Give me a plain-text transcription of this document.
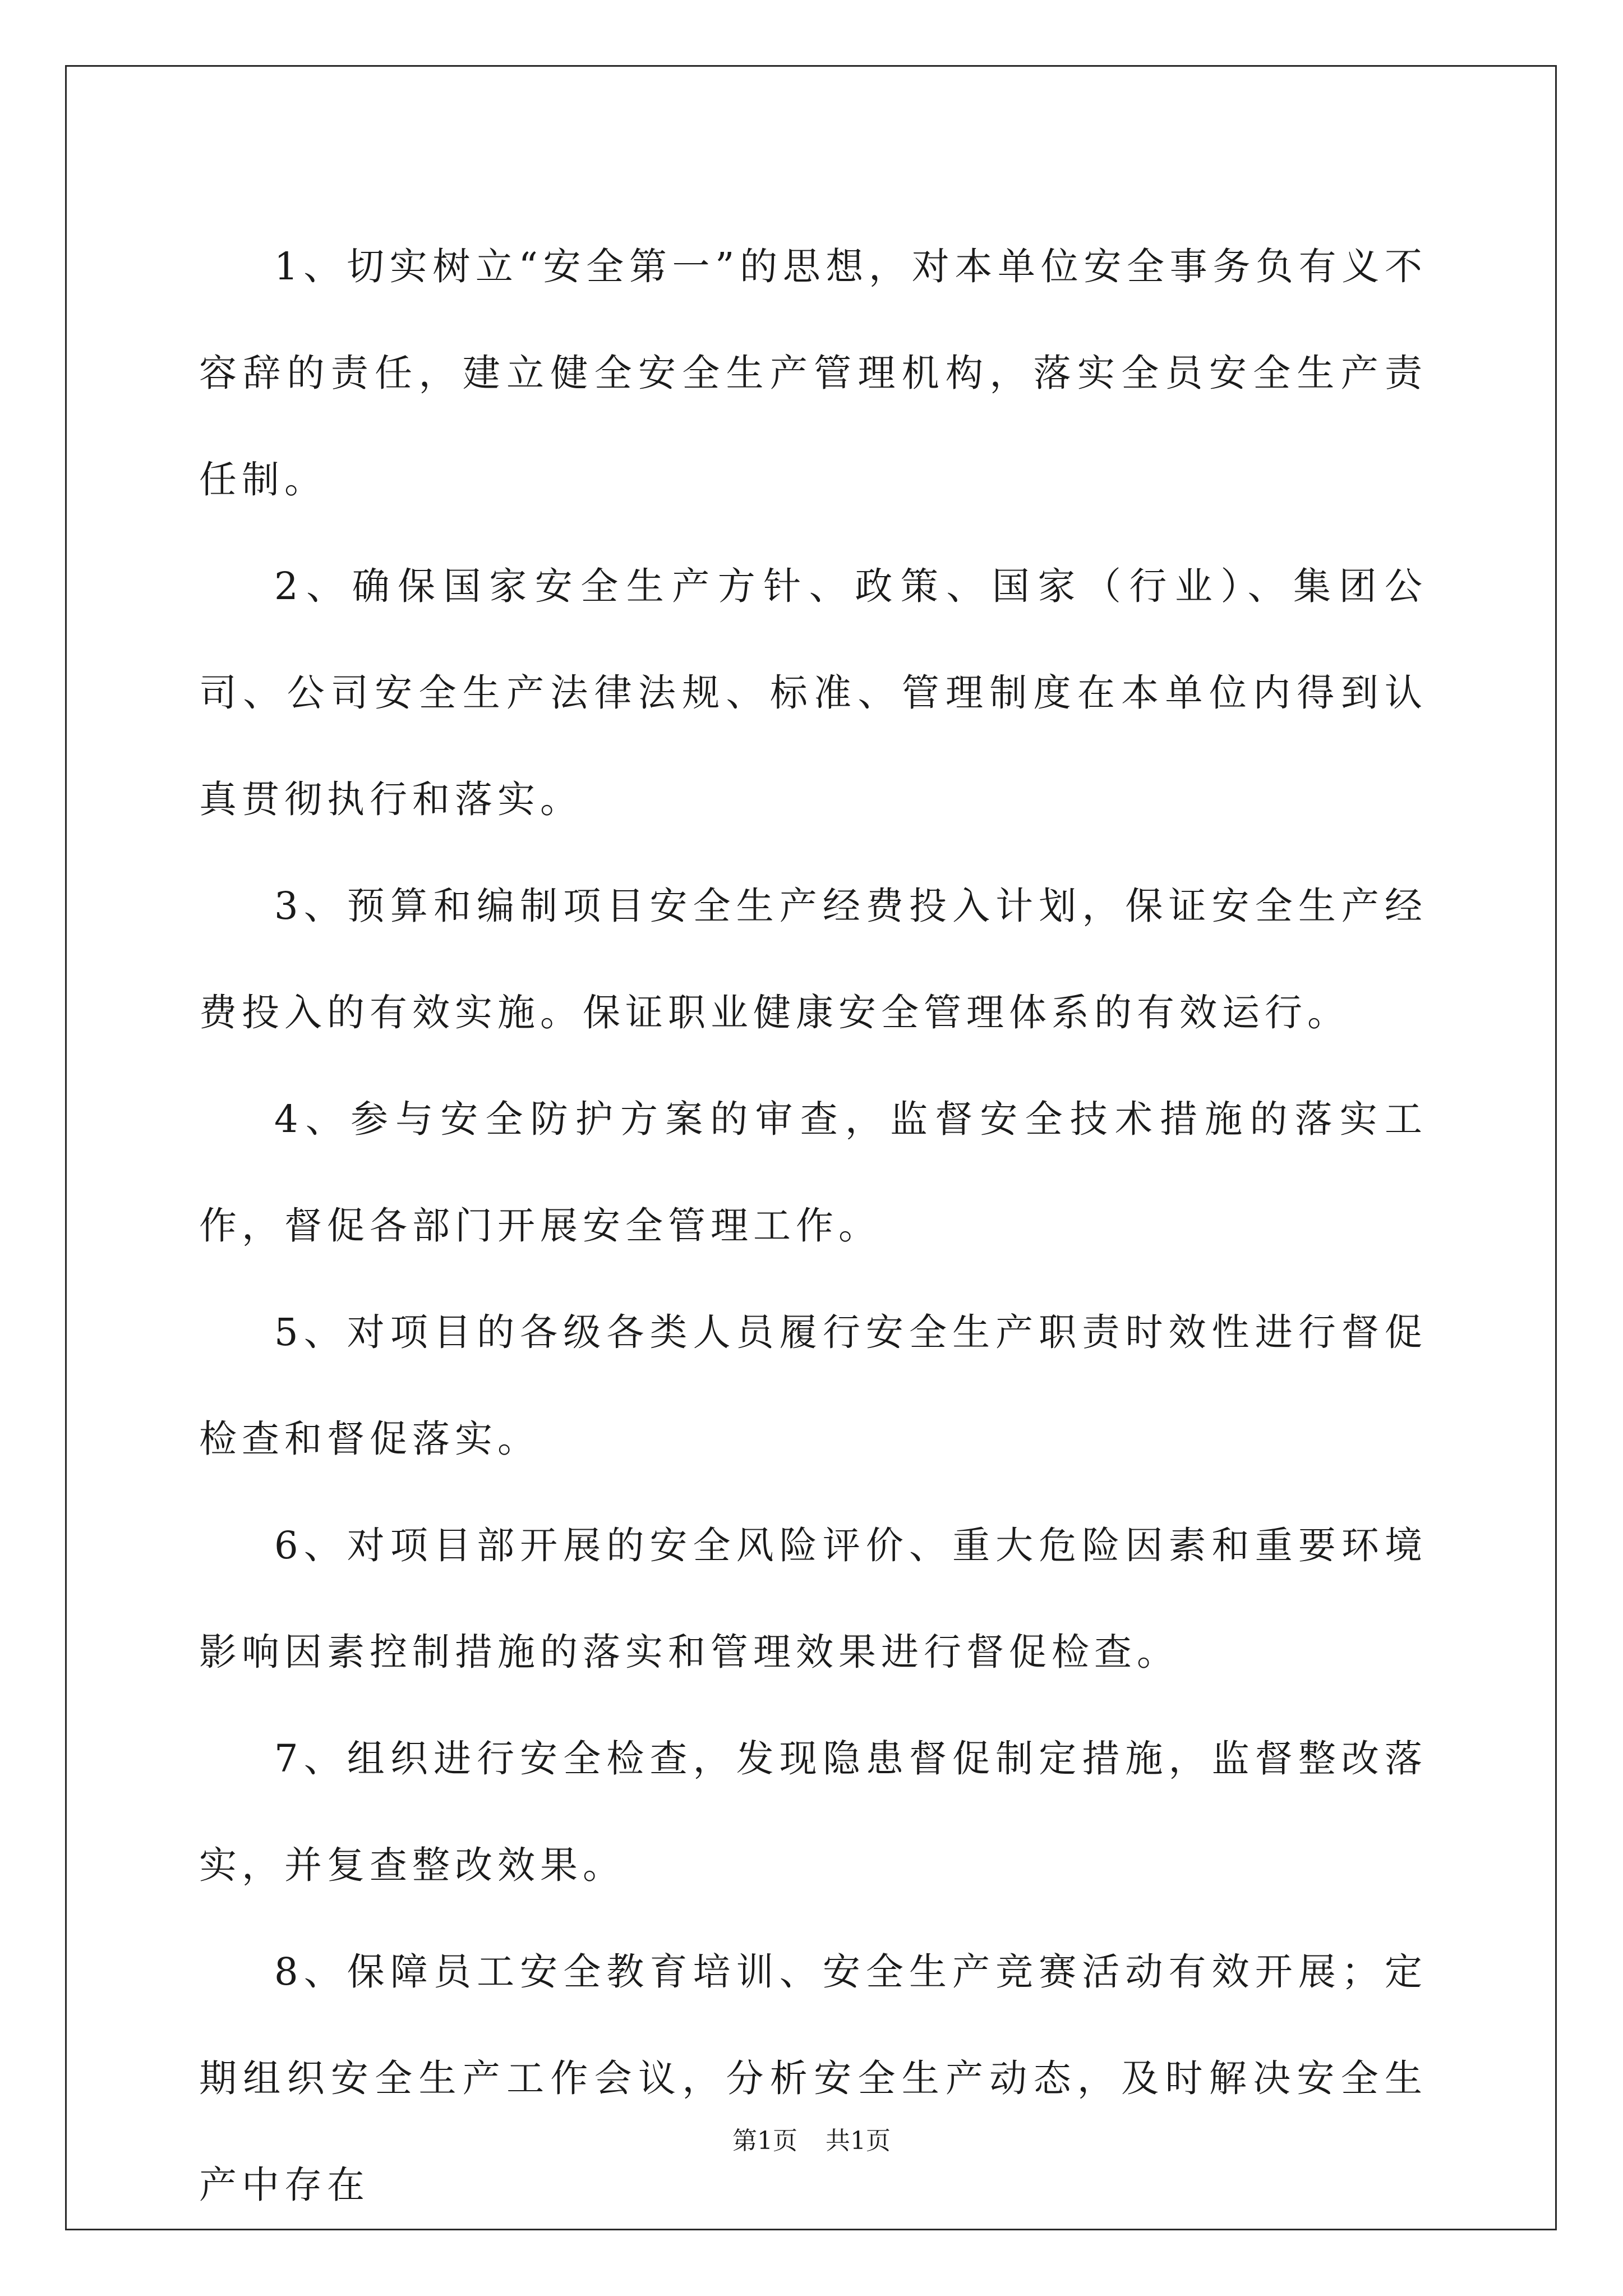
1、切实树立“安全第一”的思想，对本单位安全事务负有义不容辞的责任，建立健全安全生产管理机构，落实全员安全生产责任制。

2、确保国家安全生产方针、政策、国家（行业）、集团公司、公司安全生产法律法规、标准、管理制度在本单位内得到认真贯彻执行和落实。

3、预算和编制项目安全生产经费投入计划，保证安全生产经费投入的有效实施。保证职业健康安全管理体系的有效运行。

4、参与安全防护方案的审查，监督安全技术措施的落实工作，督促各部门开展安全管理工作。

5、对项目的各级各类人员履行安全生产职责时效性进行督促检查和督促落实。

6、对项目部开展的安全风险评价、重大危险因素和重要环境影响因素控制措施的落实和管理效果进行督促检查。

7、组织进行安全检查，发现隐患督促制定措施，监督整改落实，并复查整改效果。

8、保障员工安全教育培训、安全生产竞赛活动有效开展；定期组织安全生产工作会议，分析安全生产动态，及时解决安全生产中存在

第1页 共1页
